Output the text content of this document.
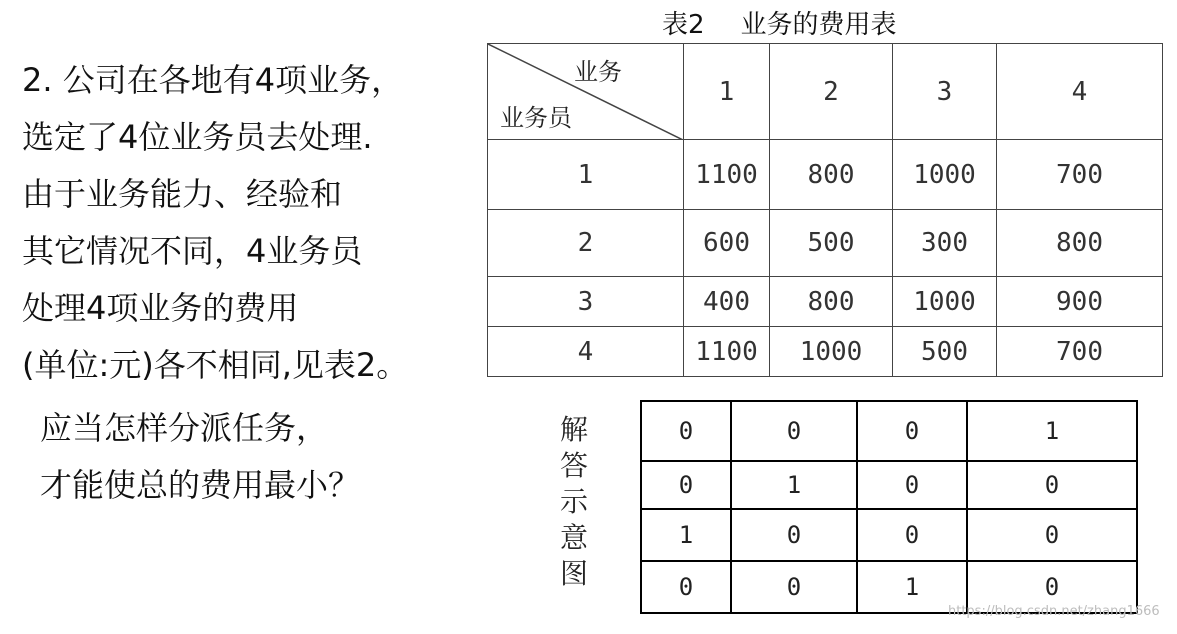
2. 公司在各地有4项业务，

选定了4位业务员去处理.

由于业务能力、经验和

其它情况不同，4业务员

处理4项业务的费用

(单位:元)各不相同,见表2。

应当怎样分派任务，

才能使总的费用最小？

表2 业务的费用表
业务
业务员	1	2	3	4
1	1100	800	1000	700
2	600	500	300	800
3	400	800	1000	900
4	1100	1000	500	700
解
答
示
意
图
0	0	0	1
0	1	0	0
1	0	0	0
0	0	1	0
https://blog.csdn.net/zhang1666
